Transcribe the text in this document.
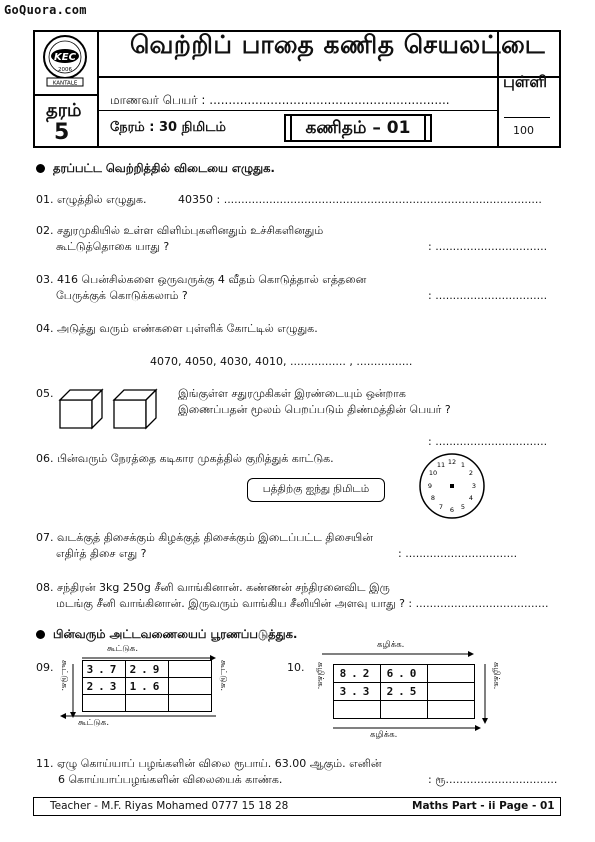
GoQuora.com
KEC
2006
KANTALE
வெற்றிப் பாதை கணித செயலட்டை
தரம்
5
மாணவர் பெயர் : ...............................................................
நேரம் : 30 நிமிடம்	கணிதம் – 01
புள்ளி
100
தரப்பட்ட வெற்றித்தில் விடையை எழுதுக.
01. எழுத்தில் எழுதுக.	40350 : ...........................................................................................
02. சதுரமுகியில் உள்ள விளிம்புகளினதும் உச்சிகளினதும்
கூட்டுத்தொகை யாது ?	: ................................
03. 416 பென்சில்களை ஒருவருக்கு 4 வீதம் கொடுத்தால் எத்தனை
பேருக்குக் கொடுக்கலாம் ?	: ................................
04. அடுத்து வரும் எண்களை புள்ளிக் கோட்டில் எழுதுக.
4070, 4050, 4030, 4010, ................ , ................
05.	இங்குள்ள சதுரமுகிகள் இரண்டையும் ஒன்றாக
இணைப்பதன் மூலம் பெறப்படும் திண்மத்தின் பெயர் ?
: ................................
06. பின்வரும் நேரத்தை கடிகார முகத்தில் குறித்துக் காட்டுக.
பத்திற்கு ஐந்து நிமிடம்
12 1
2
3
4
5
6
7
8
9
10
11
07. வடக்குத் திசைக்கும் கிழக்குத் திசைக்கும் இடைப்பட்ட திசையின்
எதிர்த் திசை எது ?	: ................................
08. சந்திரன் 3kg 250g சீனி வாங்கினான். கண்ணன் சந்திரனைவிட இரு
மடங்கு சீனி வாங்கினான். இருவரும் வாங்கிய சீனியின் அளவு யாது ? : ......................................
பின்வரும் அட்டவணையைப் பூரணப்படுத்துக.
09.
கூட்டுக.
கூட்டுக. 3.7	2.9	
2.3	1.6	
			கூட்டுக.
கூட்டுக.
10.
கழிக்க.
கழிக்க. 8.2	6.0	
3.3	2.5	

கழிக்க.
கழிக்க.
11. ஏழு கொய்யாப் பழங்களின் விலை ரூபாய். 63.00 ஆகும். எனின்
6 கொய்யாப்பழங்களின் விலையைக் காண்க.	: ரூ................................
Teacher - M.F. Riyas Mohamed 0777 15 18 28	Maths Part - ii Page - 01
